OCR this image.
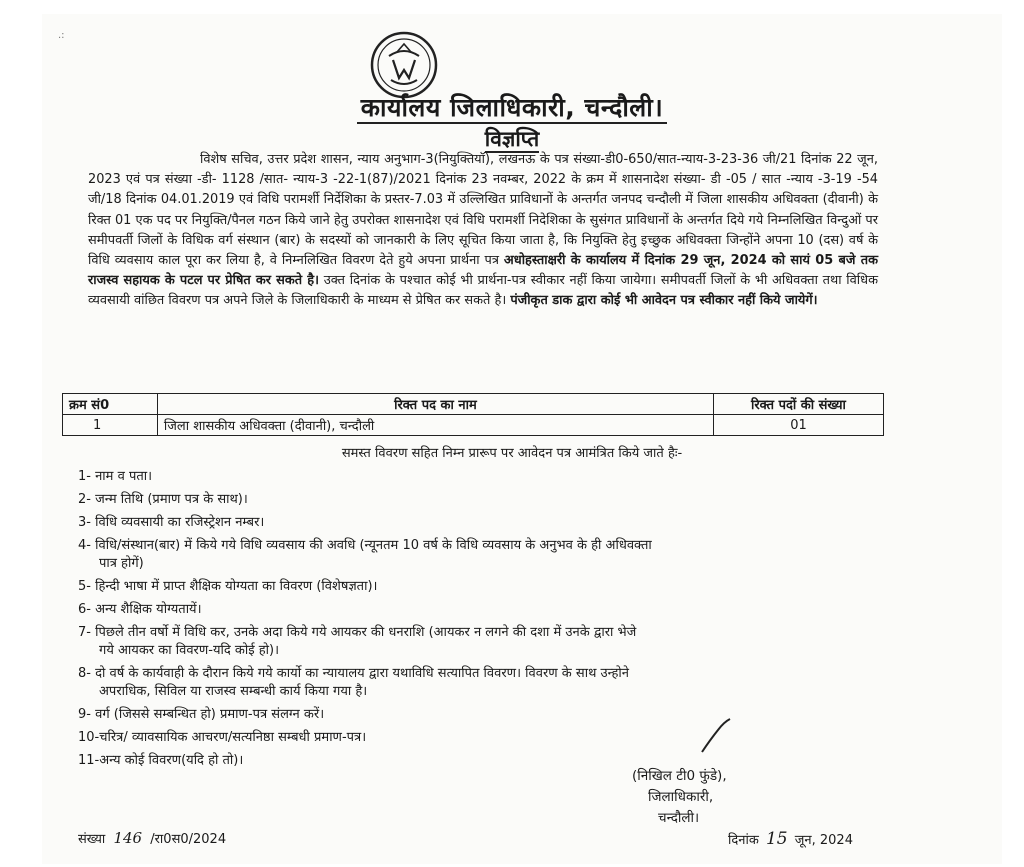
.:
कार्यालय जिलाधिकारी, चन्दौली।
विज्ञप्ति
विशेष सचिव, उत्तर प्रदेश शासन, न्याय अनुभाग-3(नियुक्तियॉ), लखनऊ के पत्र संख्या-डी0-650/सात-न्याय-3-23-36 जी/21 दिनांक 22 जून, 2023 एवं पत्र संख्या -डी- 1128 /सात- न्याय-3 -22-1(87)/2021 दिनांक 23 नवम्बर, 2022 के क्रम में शासनादेश संख्या- डी -05 / सात -न्याय -3-19 -54 जी/18 दिनांक 04.01.2019 एवं विधि परामर्शी निर्देशिका के प्रस्तर-7.03 में उल्लिखित प्राविधानों के अन्तर्गत जनपद चन्दौली में जिला शासकीय अधिवक्ता (दीवानी) के रिक्त 01 एक पद पर नियुक्ति/पैनल गठन किये जाने हेतु उपरोक्त शासनादेश एवं विधि परामर्शी निदेशिका के सुसंगत प्राविधानों के अन्तर्गत दिये गये निम्नलिखित विन्दुओं पर समीपवर्ती जिलों के विधिक वर्ग संस्थान (बार) के सदस्यों को जानकारी के लिए सूचित किया जाता है, कि नियुक्ति हेतु इच्छुक अधिवक्ता जिन्होंने अपना 10 (दस) वर्ष के विधि व्यवसाय काल पूरा कर लिया है, वे निम्नलिखित विवरण देते हुये अपना प्रार्थना पत्र अधोहस्ताक्षरी के कार्यालय में दिनांक 29 जून, 2024 को सायं 05 बजे तक राजस्व सहायक के पटल पर प्रेषित कर सकते है। उक्त दिनांक के पश्चात कोई भी प्रार्थना-पत्र स्वीकार नहीं किया जायेगा। समीपवर्ती जिलों के भी अधिवक्ता तथा विधिक व्यवसायी वांछित विवरण पत्र अपने जिले के जिलाधिकारी के माध्यम से प्रेषित कर सकते है। पंजीकृत डाक द्वारा कोई भी आवेदन पत्र स्वीकार नहीं किये जायेगें।
क्रम सं0	रिक्त पद का नाम	रिक्त पदों की संख्या
1	जिला शासकीय अधिवक्ता (दीवानी), चन्दौली	01
समस्त विवरण सहित निम्न प्रारूप पर आवेदन पत्र आमंत्रित किये जाते हैः-
1- नाम व पता।
2- जन्म तिथि (प्रमाण पत्र के साथ)।
3- विधि व्यवसायी का रजिस्ट्रेशन नम्बर।
4- विधि/संस्थान(बार) में किये गये विधि व्यवसाय की अवधि (न्यूनतम 10 वर्ष के विधि व्यवसाय के अनुभव के ही अधिवक्ता
पात्र होगें)
5- हिन्दी भाषा में प्राप्त शैक्षिक योग्यता का विवरण (विशेषज्ञता)।
6- अन्य शैक्षिक योग्यतायें।
7- पिछले तीन वर्षो में विधि कर, उनके अदा किये गये आयकर की धनराशि (आयकर न लगने की दशा में उनके द्वारा भेजे
गये आयकर का विवरण-यदि कोई हो)।
8- दो वर्ष के कार्यवाही के दौरान किये गये कार्यो का न्यायालय द्वारा यथाविधि सत्यापित विवरण। विवरण के साथ उन्होने
अपराधिक, सिविल या राजस्व सम्बन्धी कार्य किया गया है।
9- वर्ग (जिससे सम्बन्धित हो) प्रमाण-पत्र संलग्न करें।
10-चरित्र/ व्यावसायिक आचरण/सत्यनिष्ठा सम्बधी प्रमाण-पत्र।
11-अन्य कोई विवरण(यदि हो तो)।
(निखिल टी0 फुंडे),
जिलाधिकारी,
चन्दौली।
संख्या 146 /रा0स0/2024	दिनांक 15 जून, 2024
